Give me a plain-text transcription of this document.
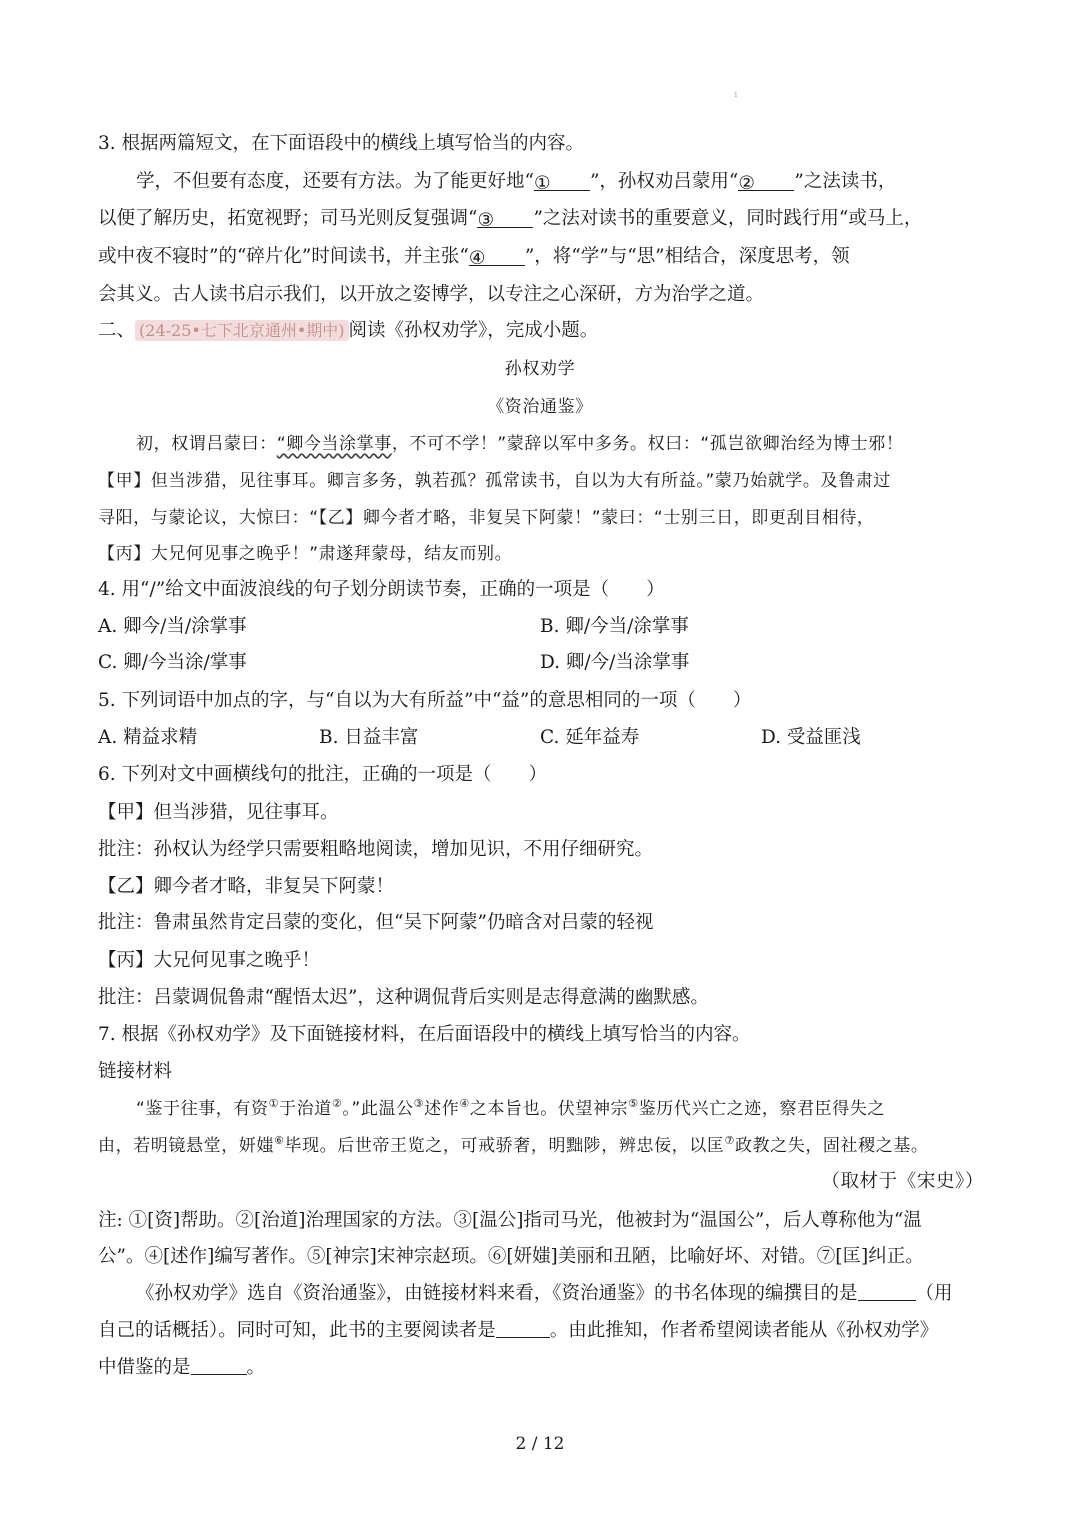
1
3. 根据两篇短文，在下面语段中的横线上填写恰当的内容。
学，不但要有态度，还要有方法。为了能更好地“① ”，孙权劝吕蒙用“② ”之法读书，
以便了解历史，拓宽视野；司马光则反复强调“③ ”之法对读书的重要意义，同时践行用“或马上，
或中夜不寝时”的“碎片化”时间读书，并主张“④ ”，将“学”与“思”相结合，深度思考，领
会其义。古人读书启示我们，以开放之姿博学，以专注之心深研，方为治学之道。
二、 (24-25•七下北京通州•期中) 阅读《孙权劝学》，完成小题。
孙权劝学
《资治通鉴》
初，权谓吕蒙曰：“卿今当涂掌事，不可不学！”蒙辞以军中多务。权曰：“孤岂欲卿治经为博士邪！
【甲】但当涉猎，见往事耳。卿言多务，孰若孤？孤常读书，自以为大有所益。”蒙乃始就学。及鲁肃过
寻阳，与蒙论议，大惊曰：“【乙】卿今者才略，非复吴下阿蒙！”蒙曰：“士别三日，即更刮目相待，
【丙】大兄何见事之晚乎！”肃遂拜蒙母，结友而别。
4. 用“/”给文中面波浪线的句子划分朗读节奏，正确的一项是（　　）
A. 卿今/当/涂掌事	B. 卿/今当/涂掌事
C. 卿/今当涂/掌事	D. 卿/今/当涂掌事
5. 下列词语中加点的字，与“自以为大有所益”中“益”的意思相同的一项（　　）
A. 精益求精	B. 日益丰富	C. 延年益寿	D. 受益匪浅
6. 下列对文中画横线句的批注，正确的一项是（　　）
【甲】但当涉猎，见往事耳。
批注：孙权认为经学只需要粗略地阅读，增加见识，不用仔细研究。
【乙】卿今者才略，非复吴下阿蒙！
批注：鲁肃虽然肯定吕蒙的变化，但“吴下阿蒙”仍暗含对吕蒙的轻视
【丙】大兄何见事之晚乎！
批注：吕蒙调侃鲁肃“醒悟太迟”，这种调侃背后实则是志得意满的幽默感。
7. 根据《孙权劝学》及下面链接材料，在后面语段中的横线上填写恰当的内容。
链接材料
“鉴于往事，有资①于治道②。”此温公③述作④之本旨也。伏望神宗⑤鉴历代兴亡之迹，察君臣得失之
由，若明镜悬堂，妍媸⑥毕现。后世帝王览之，可戒骄奢，明黜陟，辨忠佞，以匡⑦政教之失，固社稷之基。
（取材于《宋史》）
注: ①[资]帮助。②[治道]治理国家的方法。③[温公]指司马光，他被封为“温国公”，后人尊称他为“温
公”。④[述作]编写著作。⑤[神宗]宋神宗赵顼。⑥[妍媸]美丽和丑陋，比喻好坏、对错。⑦[匡]纠正。
《孙权劝学》选自《资治通鉴》，由链接材料来看，《资治通鉴》的书名体现的编撰目的是	（用
自己的话概括）。同时可知，此书的主要阅读者是	。由此推知，作者希望阅读者能从《孙权劝学》
中借鉴的是	。
2 / 12
